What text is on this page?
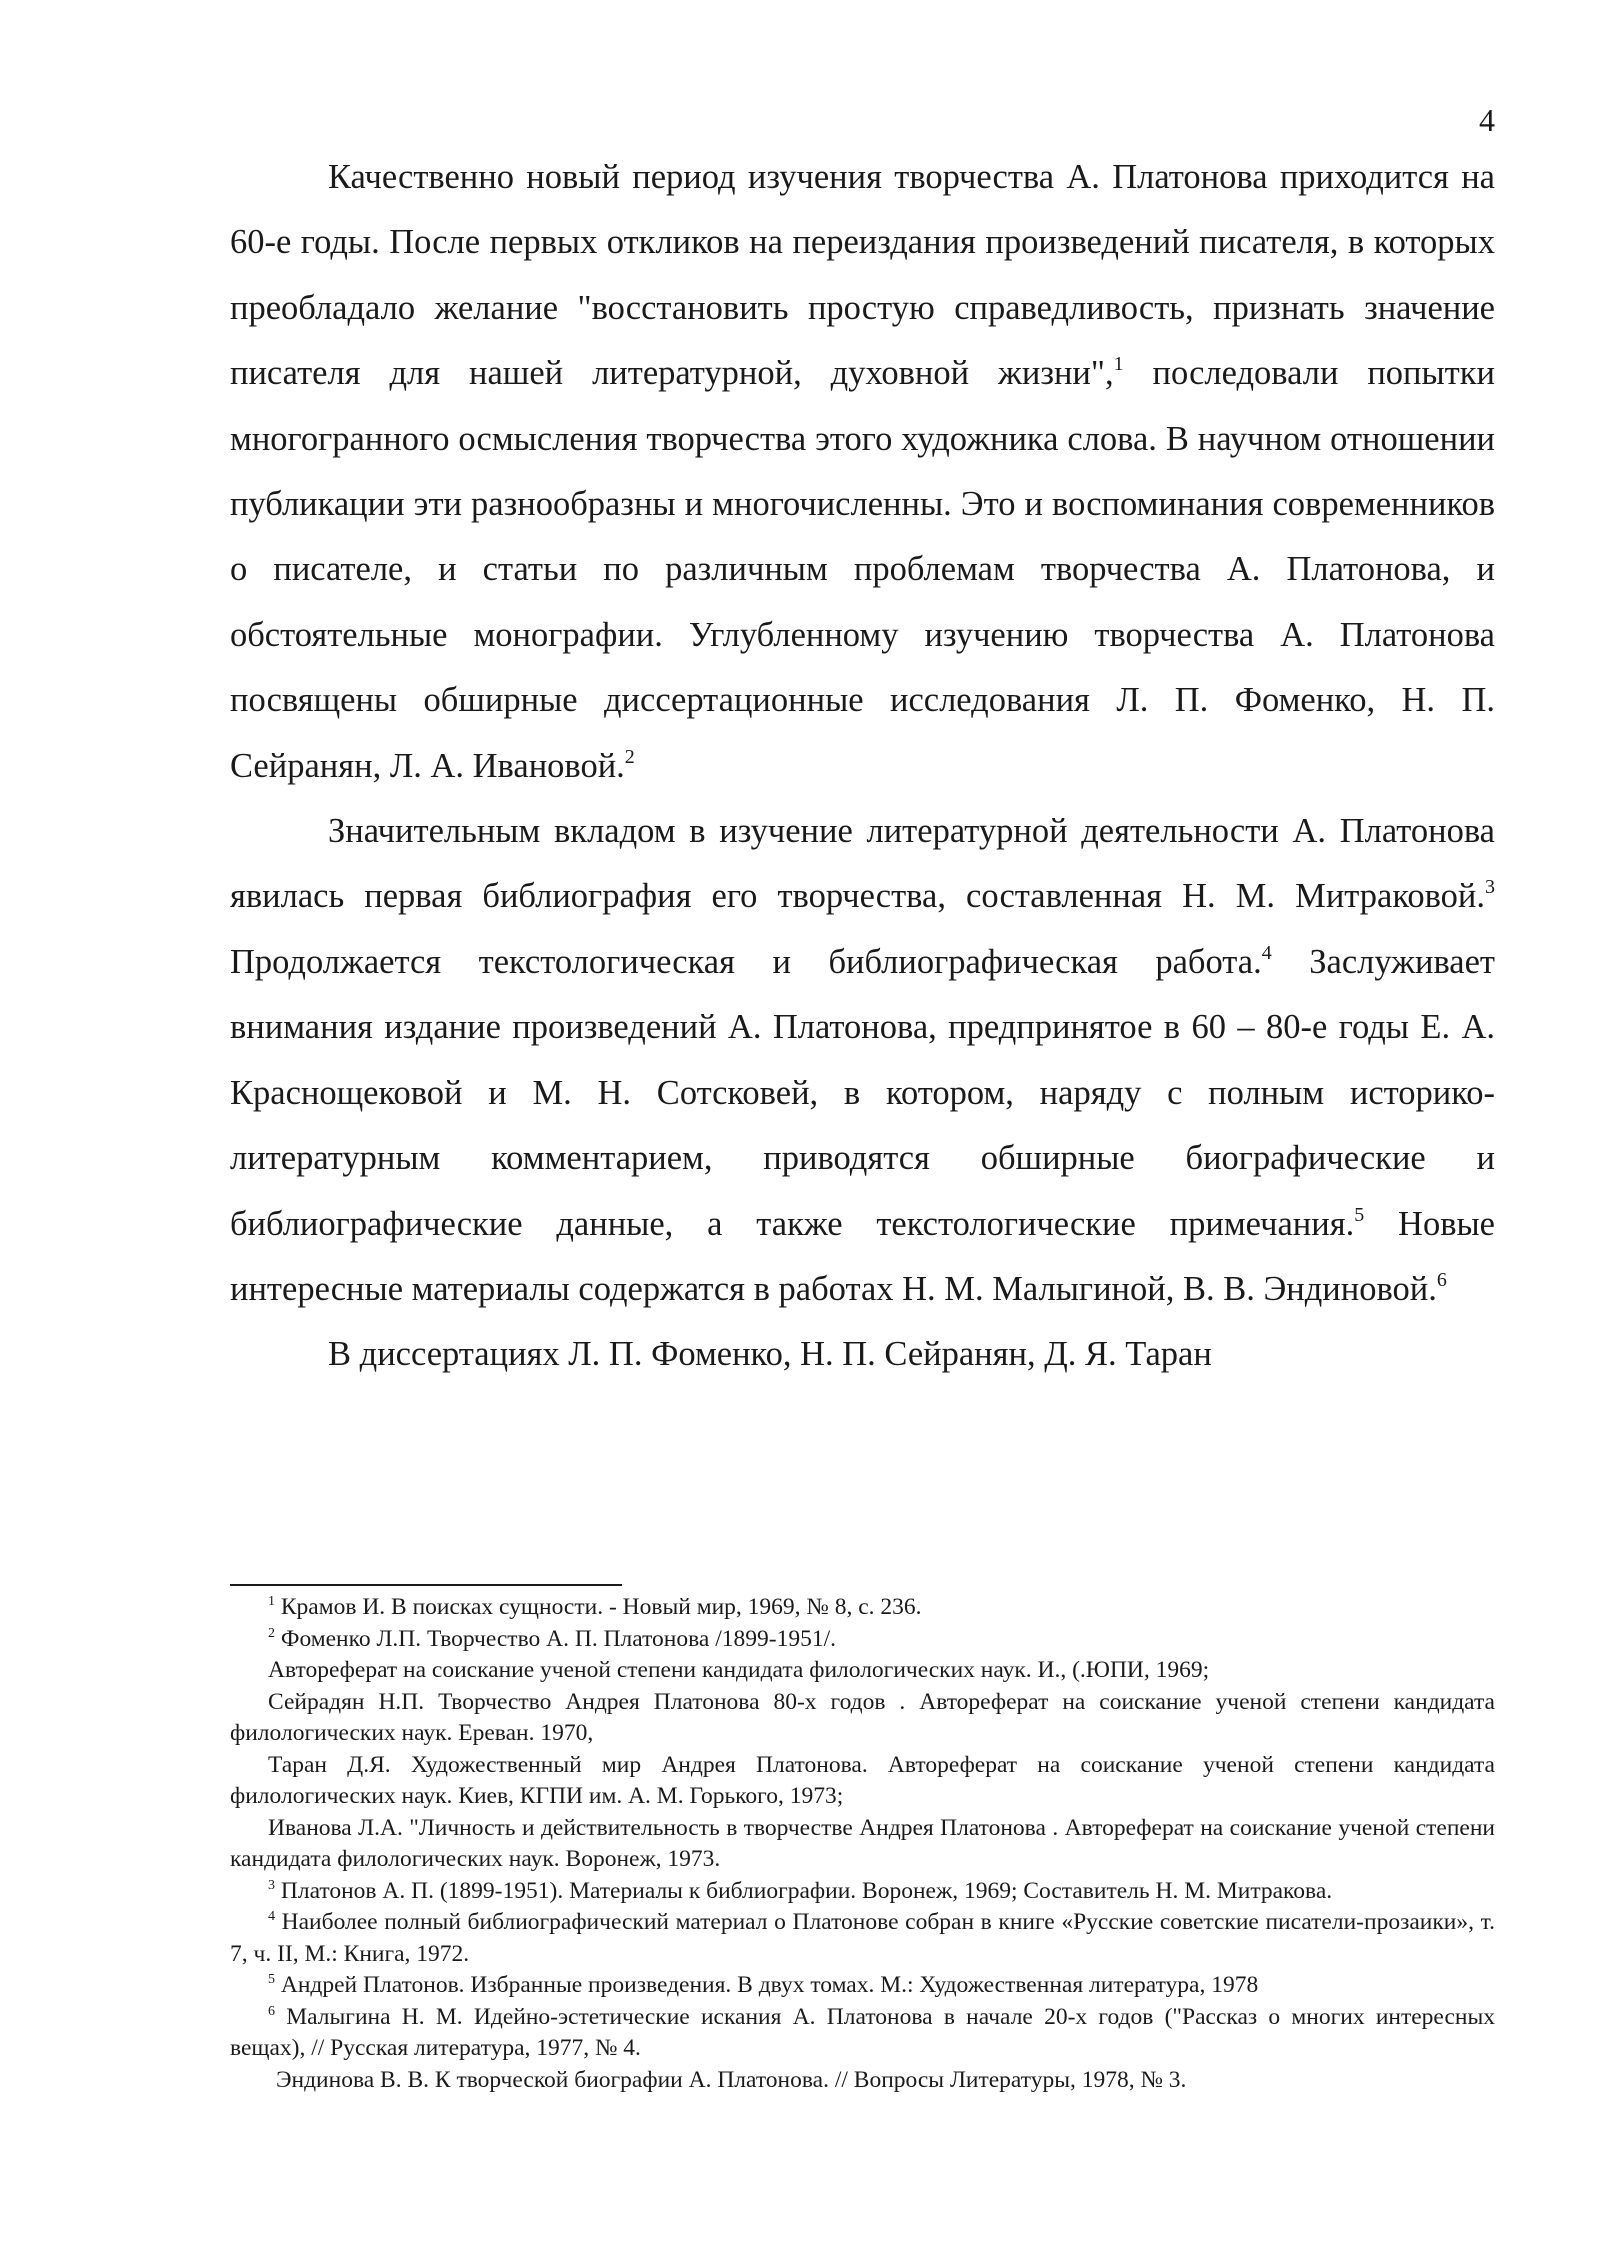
4

Качественно новый период изучения творчества А. Платонова приходится на 60-е годы. После первых откликов на переиздания произведений писателя, в которых преобладало желание "восстановить простую справедливость, признать значение писателя для нашей литературной, духовной жизни",$^1$ последовали попытки многогранного осмысления творчества этого художника слова. В научном отношении публикации эти разнообразны и многочисленны. Это и воспоминания современников о писателе, и статьи по различным проблемам творчества А. Платонова, и обстоятельные монографии. Углубленному изучению творчества А. Платонова посвящены обширные диссертационные исследования Л. П. Фоменко, Н. П. Сейранян, Л. А. Ивановой.$^2$

Значительным вкладом в изучение литературной деятельности А. Платонова явилась первая библиография его творчества, составленная Н. М. Митраковой.$^3$ Продолжается текстологическая и библиографическая работа.$^4$ Заслуживает внимания издание произведений А. Платонова, предпринятое в 60 – 80-е годы Е. А. Краснощековой и М. Н. Сотсковей, в котором, наряду с полным историко-литературным комментарием, приводятся обширные биографические и библиографические данные, а также текстологические примечания.$^5$ Новые интересные материалы содержатся в работах Н. М. Малыгиной, В. В. Эндиновой.$^6$

В диссертациях Л. П. Фоменко, Н. П. Сейранян, Д. Я. Таран

$^1$ Крамов И. В поисках сущности. - Новый мир, 1969, № 8, с. 236.

$^2$ Фоменко Л.П. Творчество А. П. Платонова /1899-1951/.

Автореферат на соискание ученой степени кандидата филологических наук. И., (.ЮПИ, 1969;

Сейрадян Н.П. Творчество Андрея Платонова 80-х годов . Автореферат на соискание ученой степени кандидата филологических наук. Ереван. 1970,

Таран Д.Я. Художественный мир Андрея Платонова. Автореферат на соискание ученой степени кандидата филологических наук. Киев, КГПИ им. А. М. Горького, 1973;

Иванова Л.А. "Личность и действительность в творчестве Андрея Платонова . Автореферат на соискание ученой степени кандидата филологических наук. Воронеж, 1973.

$^3$ Платонов А. П. (1899-1951). Материалы к библиографии. Воронеж, 1969; Составитель Н. М. Митракова.

$^4$ Наиболее полный библиографический материал о Платонове собран в книге «Русские советские писатели-прозаики», т. 7, ч. II, М.: Книга, 1972.

$^5$ Андрей Платонов. Избранные произведения. В двух томах. М.: Художественная литература, 1978

$^6$ Малыгина Н. М. Идейно-эстетические искания А. Платонова в начале 20-х годов ("Рассказ о многих интересных вещах), // Русская литература, 1977, № 4.

Эндинова В. В. К творческой биографии А. Платонова. // Вопросы Литературы, 1978, № 3.
